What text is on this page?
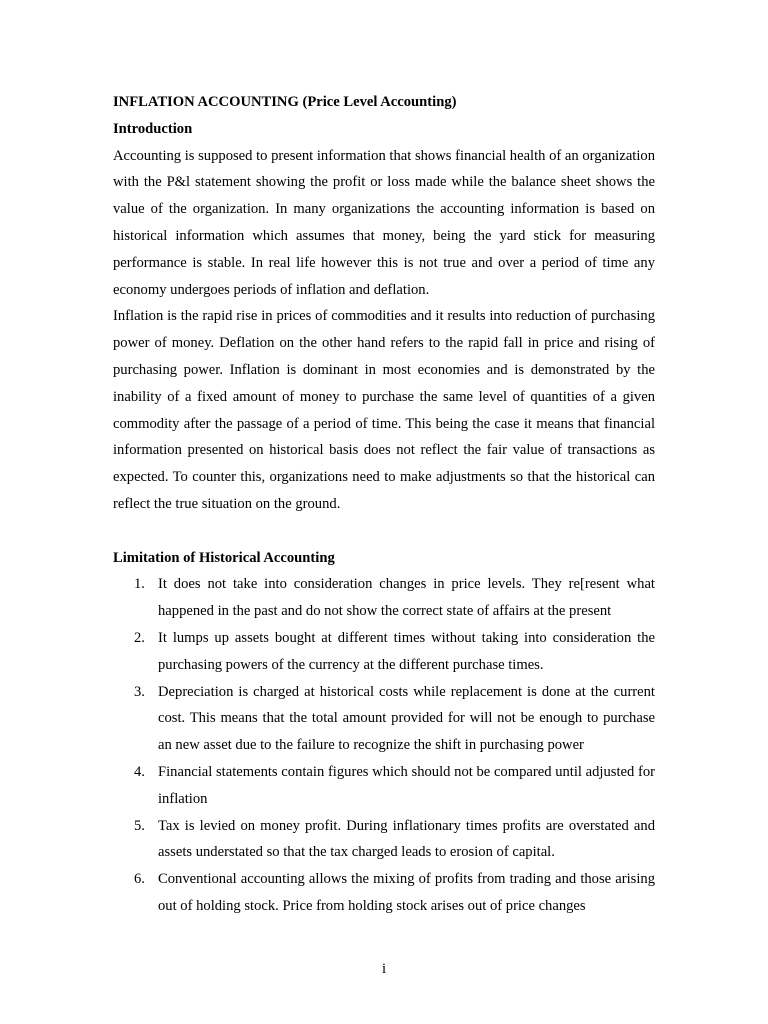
INFLATION ACCOUNTING (Price Level Accounting)

Introduction

Accounting is supposed to present information that shows financial health of an organization with the P&l statement showing the profit or loss made while the balance sheet shows the value of the organization. In many organizations the accounting information is based on historical information which assumes that money, being the yard stick for measuring performance is stable. In real life however this is not true and over a period of time any economy undergoes periods of inflation and deflation.

Inflation is the rapid rise in prices of commodities and it results into reduction of purchasing power of money. Deflation on the other hand refers to the rapid fall in price and rising of purchasing power. Inflation is dominant in most economies and is demonstrated by the inability of a fixed amount of money to purchase the same level of quantities of a given commodity after the passage of a period of time. This being the case it means that financial information presented on historical basis does not reflect the fair value of transactions as expected. To counter this, organizations need to make adjustments so that the historical can reflect the true situation on the ground.

Limitation of Historical Accounting

1. It does not take into consideration changes in price levels. They re[resent what happened in the past and do not show the correct state of affairs at the present
2. It lumps up assets bought at different times without taking into consideration the purchasing powers of the currency at the different purchase times.
3. Depreciation is charged at historical costs while replacement is done at the current cost. This means that the total amount provided for will not be enough to purchase an new asset due to the failure to recognize the shift in purchasing power
4. Financial statements contain figures which should not be compared until adjusted for inflation
5. Tax is levied on money profit. During inflationary times profits are overstated and assets understated so that the tax charged leads to erosion of capital.
6. Conventional accounting allows the mixing of profits from trading and those arising out of holding stock. Price from holding stock arises out of price changes
i
